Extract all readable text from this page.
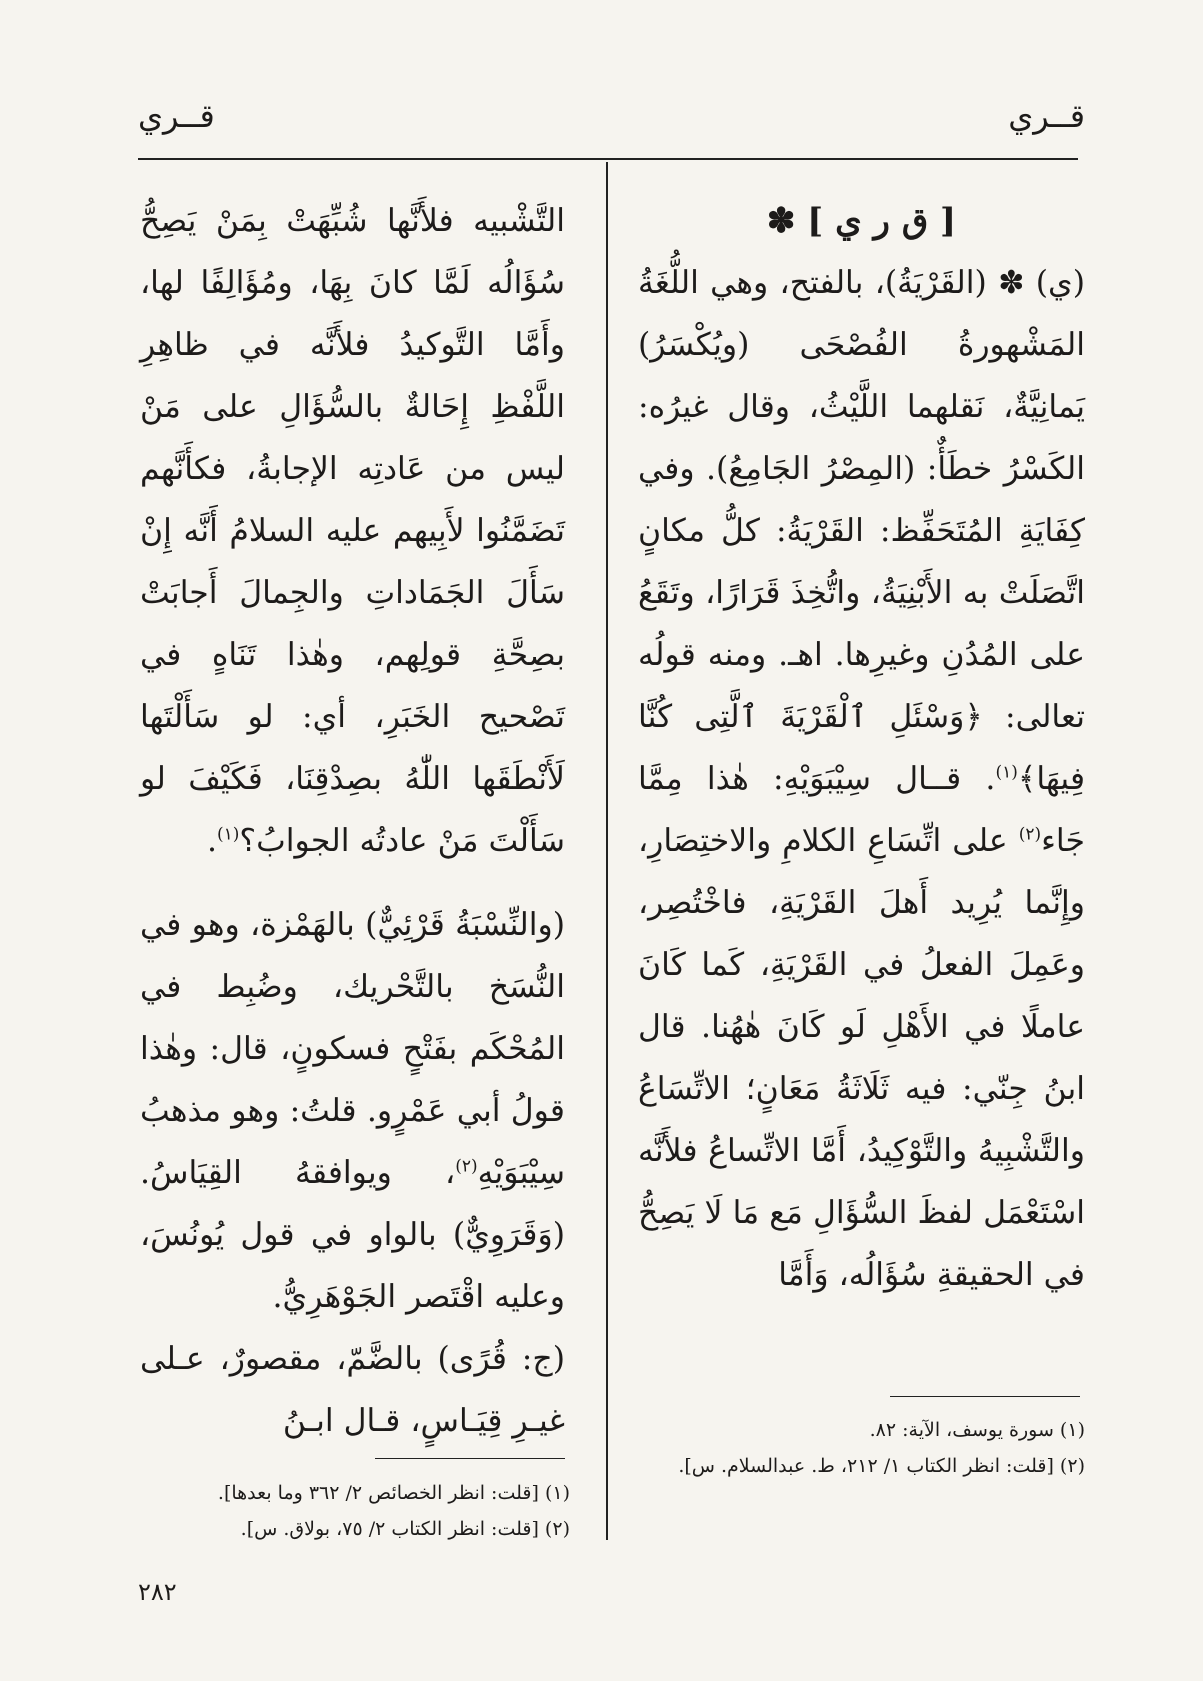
قــري
قــري

[ ق ر ي ] ✽

(ي) ✽ (القَرْيَةُ)، بالفتح، وهي اللُّغَةُ المَشْهورةُ الفُصْحَى (ويُكْسَرُ) يَمانِيَّةٌ، نَقلهما اللَّيْثُ، وقال غيرُه: الكَسْرُ خطَأٌ: (المِصْرُ الجَامِعُ). وفي كِفَايَةِ المُتَحَفِّظ: القَرْيَةُ: كلُّ مكانٍ اتَّصَلَتْ به الأَبْنِيَةُ، واتُّخِذَ قَرَارًا، وتَقَعُ على المُدُنِ وغيرِها. اهـ. ومنه قولُه تعالى: ﴿وَسْئَلِ ٱلْقَرْيَةَ ٱلَّتِى كُنَّا فِيهَا﴾$^{(١)}$. قــال سِيْبَوَيْهِ: هٰذا مِمَّا جَاء$^{(٢)}$ على اتِّسَاعِ الكلامِ والاختِصَارِ، وإِنَّما يُرِيد أَهلَ القَرْيَةِ، فاخْتُصِر، وعَمِلَ الفعلُ في القَرْيَةِ، كَما كَانَ عاملًا في الأَهْلِ لَو كَانَ هٰهُنا. قال ابنُ جِنّي: فيه ثَلَاثَةُ مَعَانٍ؛ الاتِّسَاعُ والتَّشْبِيهُ والتَّوْكِيدُ، أَمَّا الاتِّساعُ فلأَنَّه اسْتَعْمَل لفظَ السُّؤَالِ مَع مَا لَا يَصِحُّ في الحقيقةِ سُؤَالُه، وَأَمَّا

التَّشْبيه فلأَنَّها شُبِّهَتْ بِمَنْ يَصِحُّ سُؤَالُه لَمَّا كانَ بِهَا، ومُؤَالِفًا لها، وأَمَّا التَّوكيدُ فلأَنَّه في ظاهِرِ اللَّفْظِ إِحَالةٌ بالسُّؤَالِ على مَنْ ليس من عَادتِه الإجابةُ، فكأَنَّهم تَضَمَّنُوا لأَبِيهم عليه السلامُ أَنَّه إِنْ سَأَلَ الجَمَاداتِ والجِمالَ أَجابَتْ بصِحَّةِ قولِهم، وهٰذا تَنَاهٍ في تَصْحيح الخَبَرِ، أي: لو سَأَلْتَها لَأَنْطَقَها اللّٰهُ بصِدْقِنَا، فَكَيْفَ لو سَأَلْتَ مَنْ عادتُه الجوابُ؟$^{(١)}$.

(والنِّسْبَةُ قَرْئِيٌّ) بالهَمْزة، وهو في النُّسَخ بالتَّحْريك، وضُبِط في المُحْكَم بفَتْحٍ فسكونٍ، قال: وهٰذا قولُ أبي عَمْرٍو. قلتُ: وهو مذهبُ سِيْبَوَيْهِ$^{(٢)}$، ويوافقهُ القِيَاسُ. (وَقَرَوِيٌّ) بالواو في قول يُونُسَ، وعليه اقْتَصر الجَوْهَرِيُّ.

(ج: قُرًى) بالضَّمّ، مقصورٌ، عـلى غيـرِ قِيَـاسٍ، قـال ابـنُ	(١) سورة يوسف، الآية: ٨٢.
(٢) [قلت: انظر الكتاب ١/ ٢١٢، ط. عبدالسلام. س].
(١) [قلت: انظر الخصائص ٢/ ٣٦٢ وما بعدها].
(٢) [قلت: انظر الكتاب ٢/ ٧٥، بولاق. س].
٢٨٢
